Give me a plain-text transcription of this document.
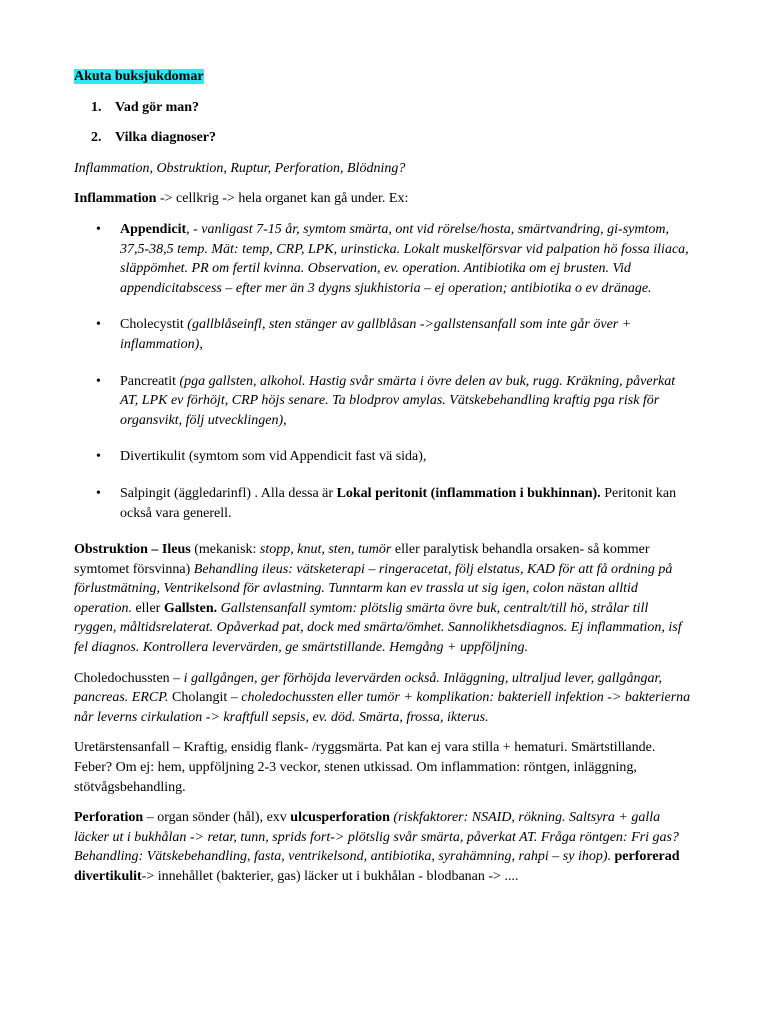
Akuta buksjukdomar

1. Vad gör man?
2. Vilka diagnoser?

Inflammation, Obstruktion, Ruptur, Perforation, Blödning?

Inflammation -> cellkrig -> hela organet kan gå under. Ex:

• Appendicit, - vanligast 7-15 år, symtom smärta, ont vid rörelse/hosta, smärtvandring, gi-symtom, 37,5-38,5 temp. Mät: temp, CRP, LPK, urinsticka. Lokalt muskelförsvar vid palpation hö fossa iliaca, släppömhet. PR om fertil kvinna. Observation, ev. operation. Antibiotika om ej brusten. Vid appendicitabscess – efter mer än 3 dygns sjukhistoria – ej operation; antibiotika o ev dränage.
• Cholecystit (gallblåseinfl, sten stänger av gallblåsan ->gallstensanfall som inte går över + inflammation),
• Pancreatit (pga gallsten, alkohol. Hastig svår smärta i övre delen av buk, rugg. Kräkning, påverkat AT, LPK ev förhöjt, CRP höjs senare. Ta blodprov amylas. Vätskebehandling kraftig pga risk för organsvikt, följ utvecklingen),
• Divertikulit (symtom som vid Appendicit fast vä sida),
• Salpingit (äggledarinfl) . Alla dessa är Lokal peritonit (inflammation i bukhinnan). Peritonit kan också vara generell.

Obstruktion – Ileus (mekanisk: stopp, knut, sten, tumör eller paralytisk behandla orsaken- så kommer symtomet försvinna) Behandling ileus: vätsketerapi – ringeracetat, följ elstatus, KAD för att få ordning på förlustmätning, Ventrikelsond för avlastning. Tunntarm kan ev trassla ut sig igen, colon nästan alltid operation. eller Gallsten. Gallstensanfall symtom: plötslig smärta övre buk, centralt/till hö, strålar till ryggen, måltidsrelaterat. Opåverkad pat, dock med smärta/ömhet. Sannolikhetsdiagnos. Ej inflammation, isf fel diagnos. Kontrollera levervärden, ge smärtstillande. Hemgång + uppföljning.

Choledochussten – i gallgången, ger förhöjda levervärden också. Inläggning, ultraljud lever, gallgångar, pancreas. ERCP. Cholangit – choledochussten eller tumör + komplikation: bakteriell infektion -> bakterierna når leverns cirkulation -> kraftfull sepsis, ev. död. Smärta, frossa, ikterus.

Uretärstensanfall – Kraftig, ensidig flank- /ryggsmärta. Pat kan ej vara stilla + hematuri. Smärtstillande. Feber? Om ej: hem, uppföljning 2-3 veckor, stenen utkissad. Om inflammation: röntgen, inläggning, stötvågsbehandling.

Perforation – organ sönder (hål), exv ulcusperforation (riskfaktorer: NSAID, rökning. Saltsyra + galla läcker ut i bukhålan -> retar, tunn, sprids fort-> plötslig svår smärta, påverkat AT. Fråga röntgen: Fri gas? Behandling: Vätskebehandling, fasta, ventrikelsond, antibiotika, syrahämning, rahpi – sy ihop). perforerad divertikulit-> innehållet (bakterier, gas) läcker ut i bukhålan - blodbanan -> ....
